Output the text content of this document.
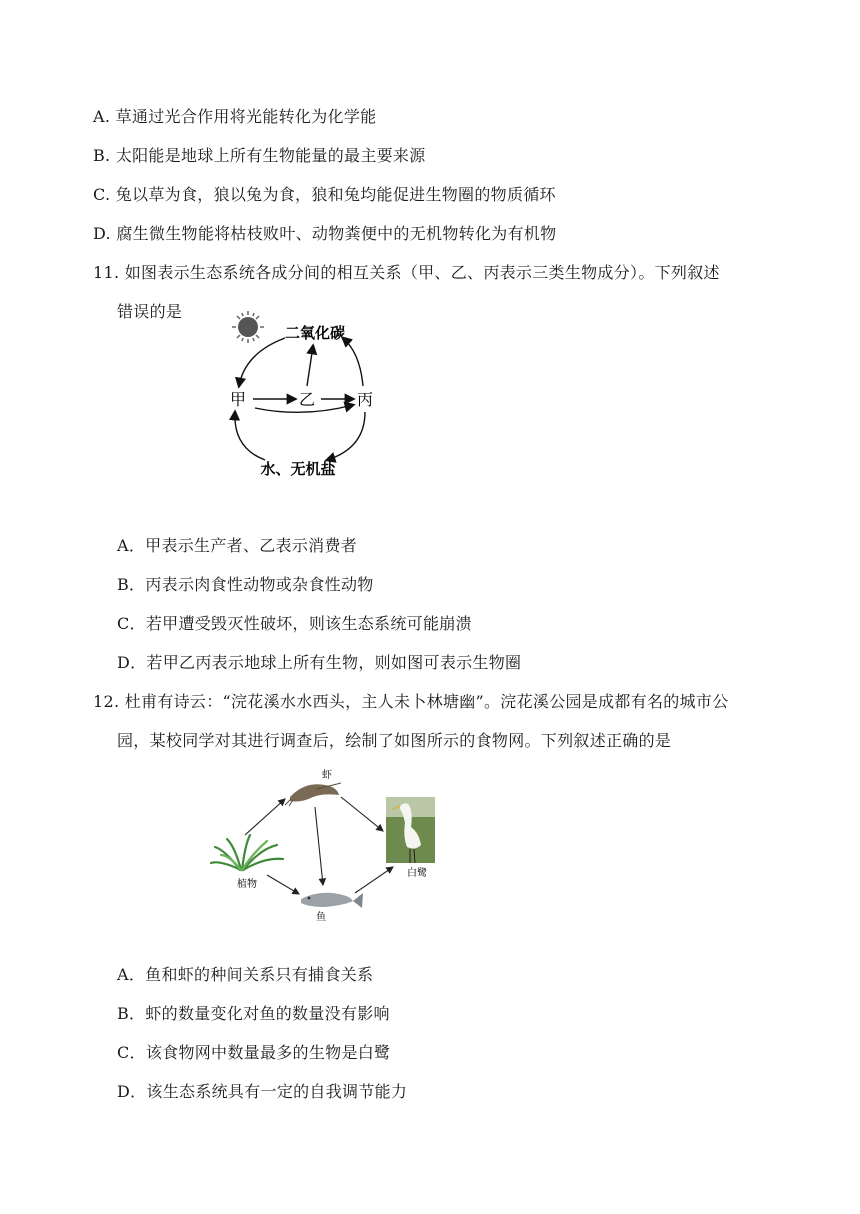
A. 草通过光合作用将光能转化为化学能
B. 太阳能是地球上所有生物能量的最主要来源
C. 兔以草为食，狼以兔为食，狼和兔均能促进生物圈的物质循环
D. 腐生微生物能将枯枝败叶、动物粪便中的无机物转化为有机物
11. 如图表示生态系统各成分间的相互关系（甲、乙、丙表示三类生物成分）。下列叙述
错误的是
二氧化碳
甲	乙	丙
水、无机盐
A．甲表示生产者、乙表示消费者
B．丙表示肉食性动物或杂食性动物
C．若甲遭受毁灭性破坏，则该生态系统可能崩溃
D．若甲乙丙表示地球上所有生物，则如图可表示生物圈
12. 杜甫有诗云：“浣花溪水水西头，主人未卜林塘幽”。浣花溪公园是成都有名的城市公
园，某校同学对其进行调查后，绘制了如图所示的食物网。下列叙述正确的是
虾
植物
鱼
白鹭
A．鱼和虾的种间关系只有捕食关系
B．虾的数量变化对鱼的数量没有影响
C．该食物网中数量最多的生物是白鹭
D．该生态系统具有一定的自我调节能力
